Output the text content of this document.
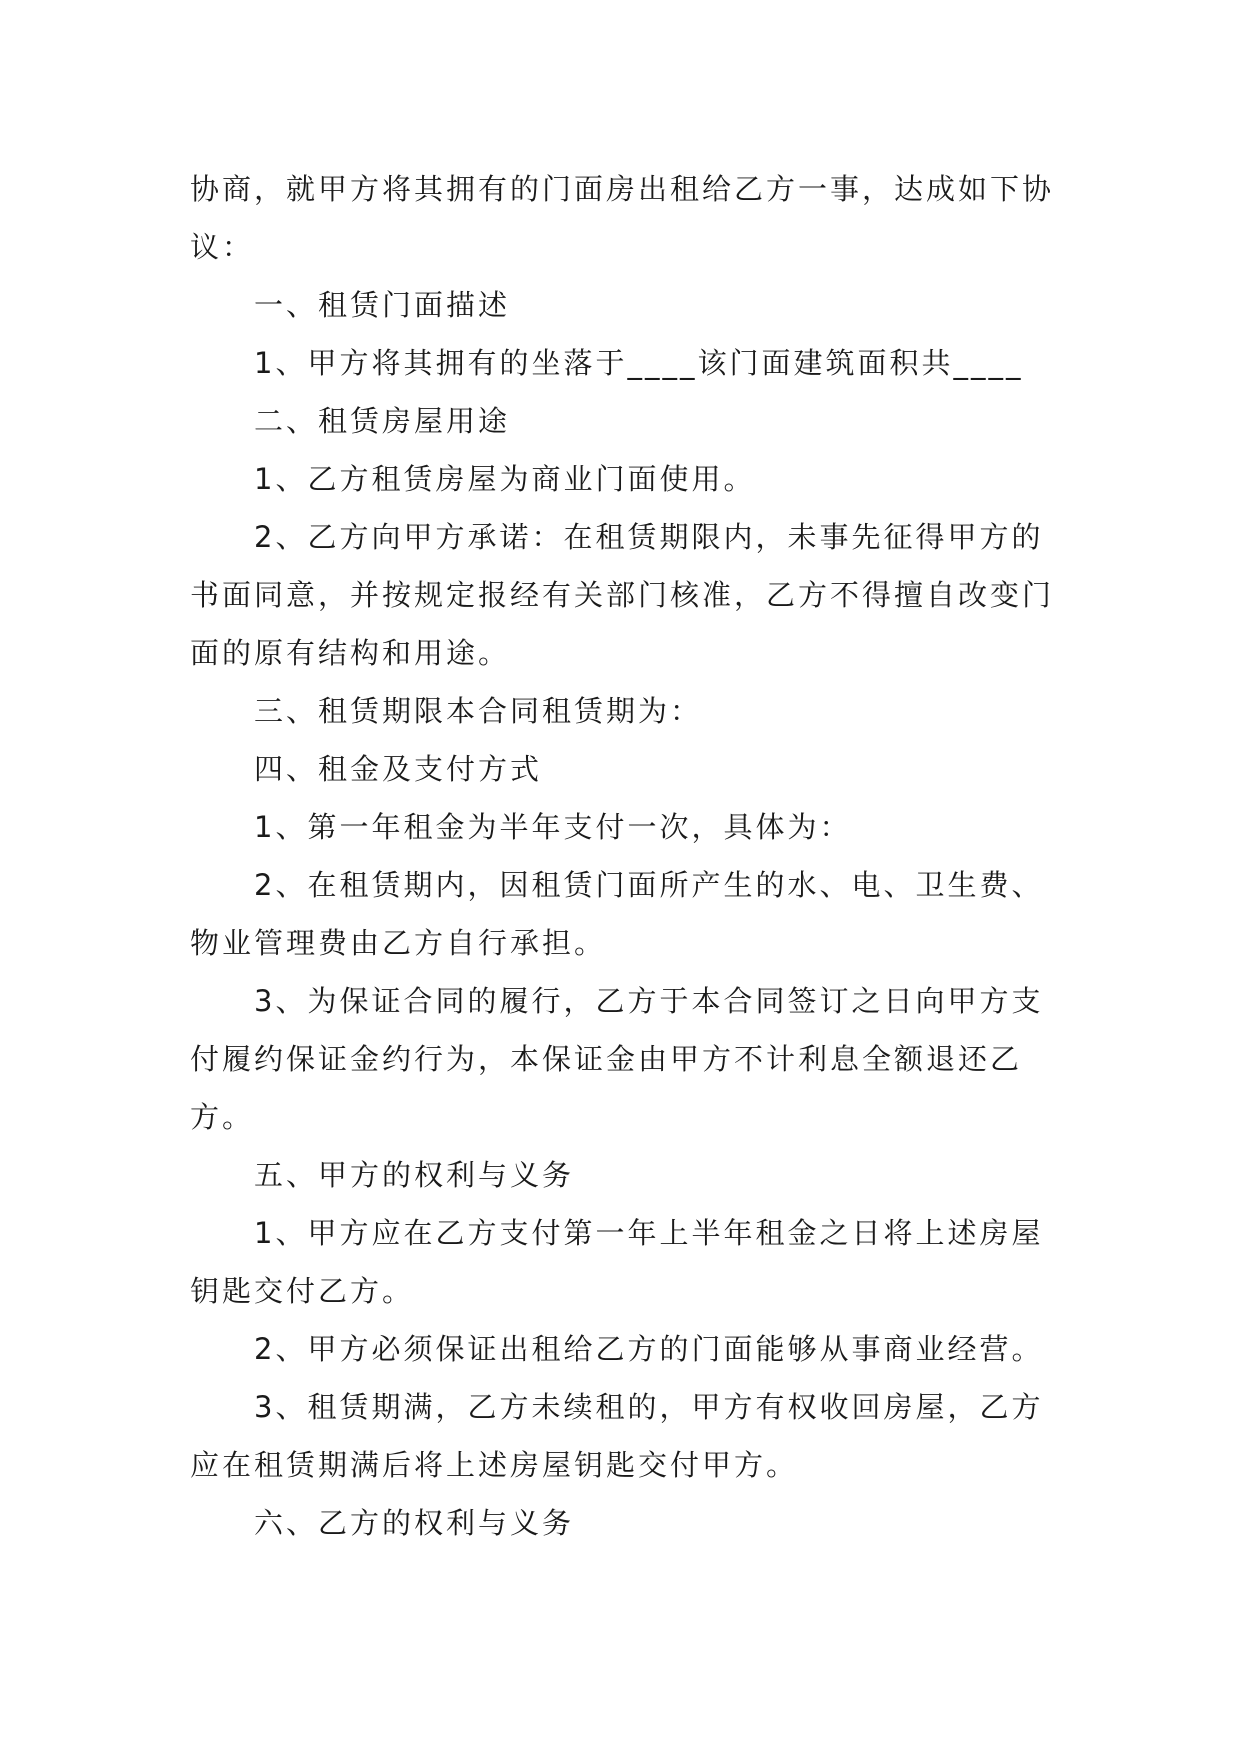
协商，就甲方将其拥有的门面房出租给乙方一事，达成如下协议：

一、租赁门面描述

1、甲方将其拥有的坐落于____该门面建筑面积共____

二、租赁房屋用途

1、乙方租赁房屋为商业门面使用。

2、乙方向甲方承诺：在租赁期限内，未事先征得甲方的书面同意，并按规定报经有关部门核准，乙方不得擅自改变门面的原有结构和用途。

三、租赁期限本合同租赁期为：

四、租金及支付方式

1、第一年租金为半年支付一次，具体为：

2、在租赁期内，因租赁门面所产生的水、电、卫生费、物业管理费由乙方自行承担。

3、为保证合同的履行，乙方于本合同签订之日向甲方支付履约保证金约行为，本保证金由甲方不计利息全额退还乙方。

五、甲方的权利与义务

1、甲方应在乙方支付第一年上半年租金之日将上述房屋钥匙交付乙方。

2、甲方必须保证出租给乙方的门面能够从事商业经营。

3、租赁期满，乙方未续租的，甲方有权收回房屋，乙方应在租赁期满后将上述房屋钥匙交付甲方。

六、乙方的权利与义务
